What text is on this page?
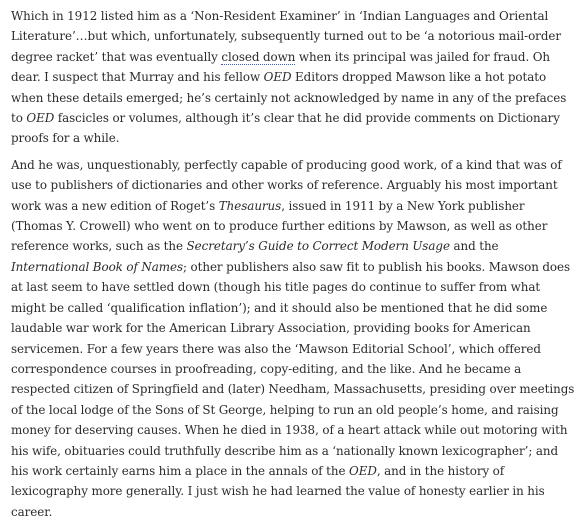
Which in 1912 listed him as a ‘Non-Resident Examiner’ in ‘Indian Languages and Oriental Literature’…but which, unfortunately, subsequently turned out to be ‘a notorious mail-order degree racket’ that was eventually closed down when its principal was jailed for fraud. Oh dear. I suspect that Murray and his fellow OED Editors dropped Mawson like a hot potato when these details emerged; he’s certainly not acknowledged by name in any of the prefaces to OED fascicles or volumes, although it’s clear that he did provide comments on Dictionary proofs for a while.

And he was, unquestionably, perfectly capable of producing good work, of a kind that was of use to publishers of dictionaries and other works of reference. Arguably his most important work was a new edition of Roget’s Thesaurus, issued in 1911 by a New York publisher (Thomas Y. Crowell) who went on to produce further editions by Mawson, as well as other reference works, such as the Secretary’s Guide to Correct Modern Usage and the International Book of Names; other publishers also saw fit to publish his books. Mawson does at last seem to have settled down (though his title pages do continue to suffer from what might be called ‘qualification inflation’); and it should also be mentioned that he did some laudable war work for the American Library Association, providing books for American servicemen. For a few years there was also the ‘Mawson Editorial School’, which offered correspondence courses in proofreading, copy-editing, and the like. And he became a respected citizen of Springfield and (later) Needham, Massachusetts, presiding over meetings of the local lodge of the Sons of St George, helping to run an old people’s home, and raising money for deserving causes. When he died in 1938, of a heart attack while out motoring with his wife, obituaries could truthfully describe him as a ‘nationally known lexicographer’; and his work certainly earns him a place in the annals of the OED, and in the history of lexicography more generally. I just wish he had learned the value of honesty earlier in his career.
